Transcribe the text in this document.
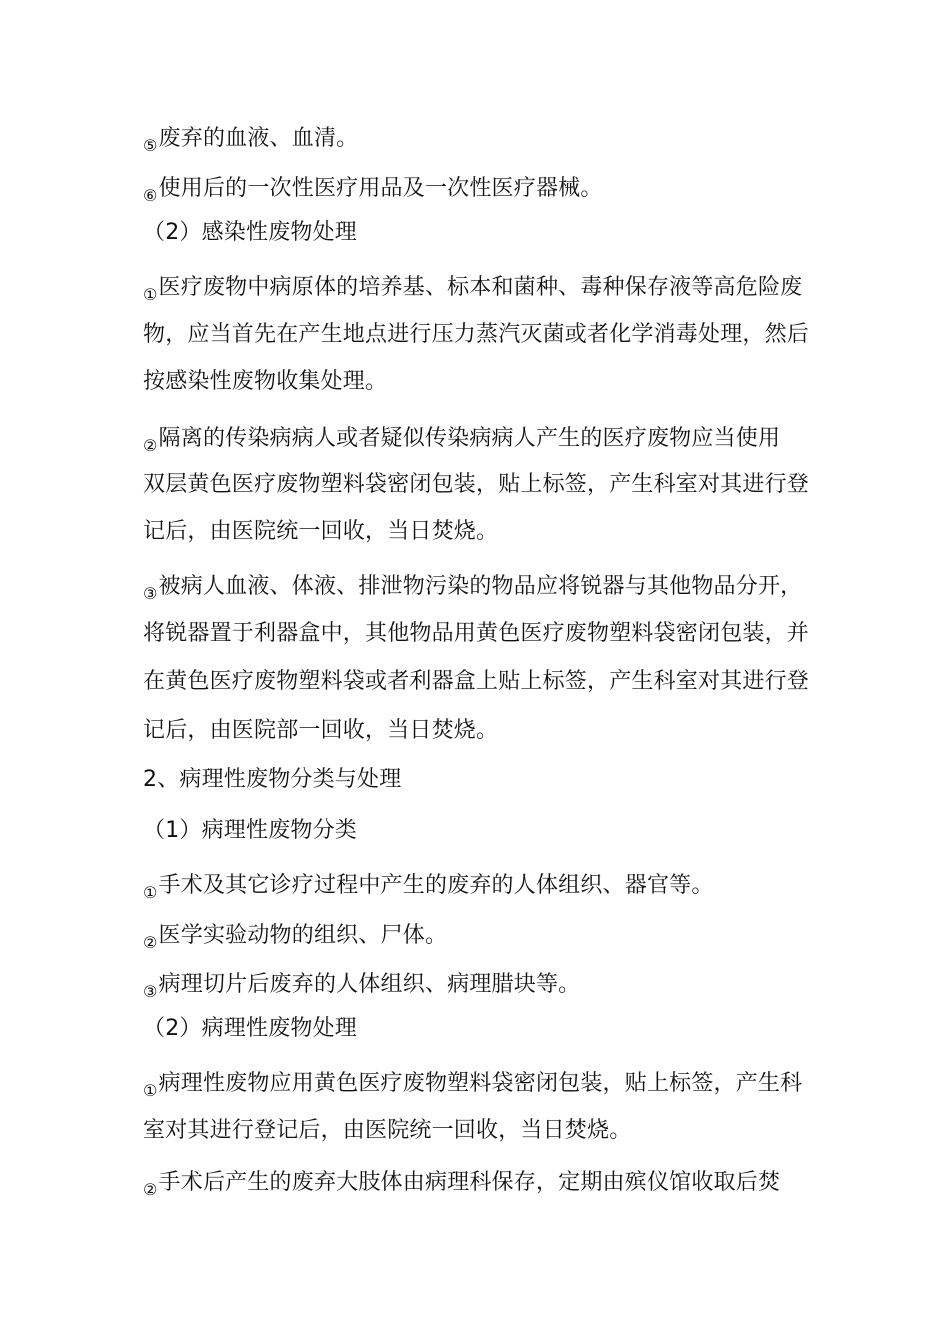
⑤废弃的血液、血清。
⑥使用后的一次性医疗用品及一次性医疗器械。
（2）感染性废物处理
①医疗废物中病原体的培养基、标本和菌种、毒种保存液等高危险废
物，应当首先在产生地点进行压力蒸汽灭菌或者化学消毒处理，然后
按感染性废物收集处理。
②隔离的传染病病人或者疑似传染病病人产生的医疗废物应当使用
双层黄色医疗废物塑料袋密闭包装，贴上标签，产生科室对其进行登
记后，由医院统一回收，当日焚烧。
③被病人血液、体液、排泄物污染的物品应将锐器与其他物品分开，
将锐器置于利器盒中，其他物品用黄色医疗废物塑料袋密闭包装，并
在黄色医疗废物塑料袋或者利器盒上贴上标签，产生科室对其进行登
记后，由医院部一回收，当日焚烧。
2、病理性废物分类与处理
（1）病理性废物分类
①手术及其它诊疗过程中产生的废弃的人体组织、器官等。
②医学实验动物的组织、尸体。
③病理切片后废弃的人体组织、病理腊块等。
（2）病理性废物处理
①病理性废物应用黄色医疗废物塑料袋密闭包装，贴上标签，产生科
室对其进行登记后，由医院统一回收，当日焚烧。
②手术后产生的废弃大肢体由病理科保存，定期由殡仪馆收取后焚
